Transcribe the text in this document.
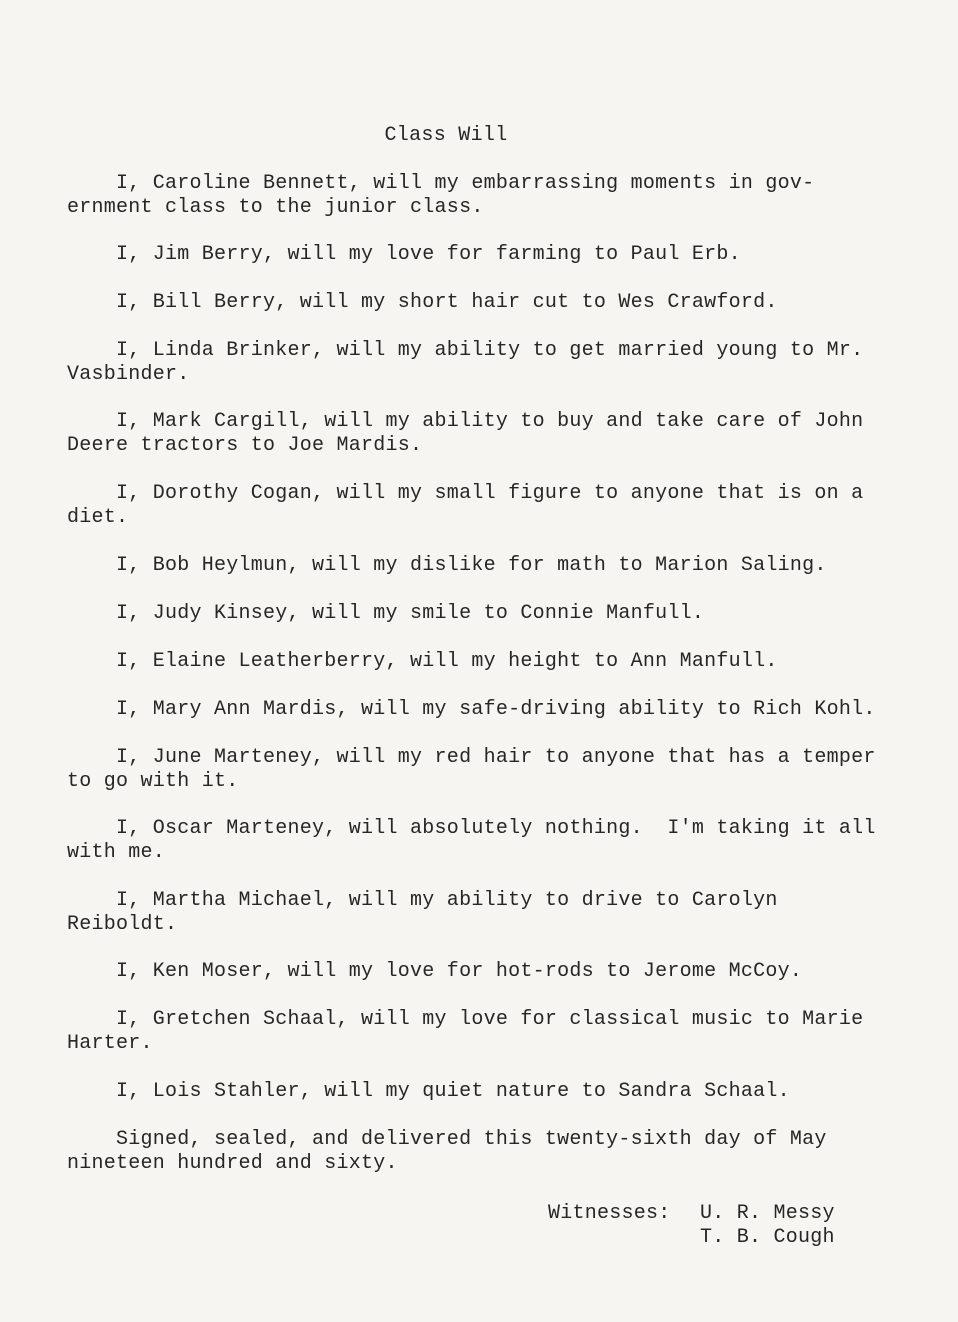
Class Will
I, Caroline Bennett, will my embarrassing moments in gov-
ernment class to the junior class.
I, Jim Berry, will my love for farming to Paul Erb.
I, Bill Berry, will my short hair cut to Wes Crawford.
I, Linda Brinker, will my ability to get married young to Mr.
Vasbinder.
I, Mark Cargill, will my ability to buy and take care of John
Deere tractors to Joe Mardis.
I, Dorothy Cogan, will my small figure to anyone that is on a
diet.
I, Bob Heylmun, will my dislike for math to Marion Saling.
I, Judy Kinsey, will my smile to Connie Manfull.
I, Elaine Leatherberry, will my height to Ann Manfull.
I, Mary Ann Mardis, will my safe-driving ability to Rich Kohl.
I, June Marteney, will my red hair to anyone that has a temper
to go with it.
I, Oscar Marteney, will absolutely nothing.  I'm taking it all
with me.
I, Martha Michael, will my ability to drive to Carolyn
Reiboldt.
I, Ken Moser, will my love for hot-rods to Jerome McCoy.
I, Gretchen Schaal, will my love for classical music to Marie
Harter.
I, Lois Stahler, will my quiet nature to Sandra Schaal.
Signed, sealed, and delivered this twenty-sixth day of May
nineteen hundred and sixty.

Witnesses:

U. R. Messy

T. B. Cough
